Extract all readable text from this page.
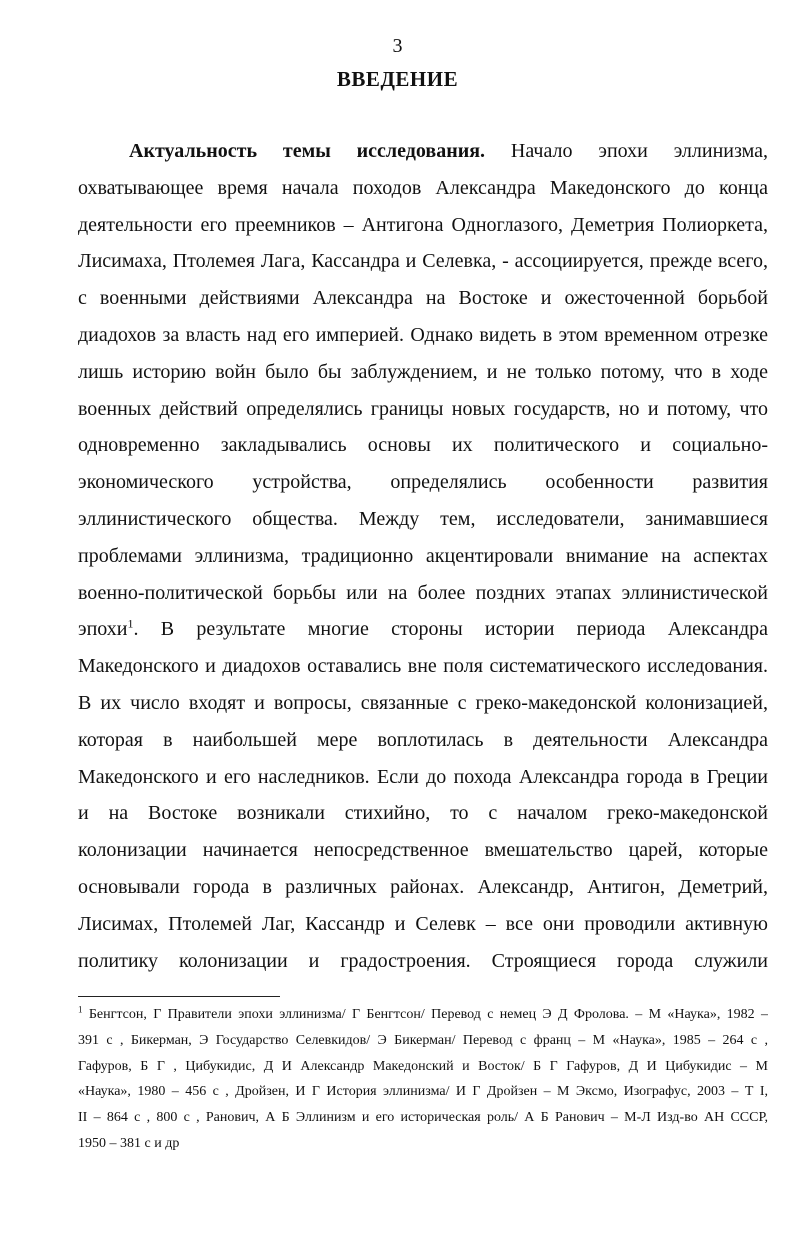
3
ВВЕДЕНИЕ
Актуальность темы исследования. Начало эпохи эллинизма,
охватывающее время начала походов Александра Македонского до конца
деятельности его преемников – Антигона Одноглазого, Деметрия Полиоркета,
Лисимаха, Птолемея Лага, Кассандра и Селевка, - ассоциируется, прежде всего,
с военными действиями Александра на Востоке и ожесточенной борьбой
диадохов за власть над его империей. Однако видеть в этом временном отрезке
лишь историю войн было бы заблуждением, и не только потому, что в ходе
военных действий определялись границы новых государств, но и потому, что
одновременно закладывались основы их политического и социально-
экономического устройства, определялись особенности развития
эллинистического общества. Между тем, исследователи, занимавшиеся
проблемами эллинизма, традиционно акцентировали внимание на аспектах
военно-политической борьбы или на более поздних этапах эллинистической
эпохи$^1$. В результате многие стороны истории периода Александра
Македонского и диадохов оставались вне поля систематического исследования.
В их число входят и вопросы, связанные с греко-македонской колонизацией,
которая в наибольшей мере воплотилась в деятельности Александра
Македонского и его наследников. Если до похода Александра города в Греции
и на Востоке возникали стихийно, то с началом греко-македонской
колонизации начинается непосредственное вмешательство царей, которые
основывали города в различных районах. Александр, Антигон, Деметрий,
Лисимах, Птолемей Лаг, Кассандр и Селевк – все они проводили активную
политику колонизации и градостроения. Строящиеся города служили
$^1$ Бенгтсон, Г Правители эпохи эллинизма/ Г Бенгтсон/ Перевод с немец Э Д Фролова. – М «Наука», 1982 –
391 с , Бикерман, Э Государство Селевкидов/ Э Бикерман/ Перевод с франц – М «Наука», 1985 – 264 с ,
Гафуров, Б Г , Цибукидис, Д И Александр Македонский и Восток/ Б Г Гафуров, Д И Цибукидис – М
«Наука», 1980 – 456 с , Дройзен, И Г История эллинизма/ И Г Дройзен – М Эксмо, Изографус, 2003 – Т I,
II – 864 с , 800 с , Ранович, А Б Эллинизм и его историческая роль/ А Б Ранович – М-Л Изд-во АН СССР,
1950 – 381 с и др
